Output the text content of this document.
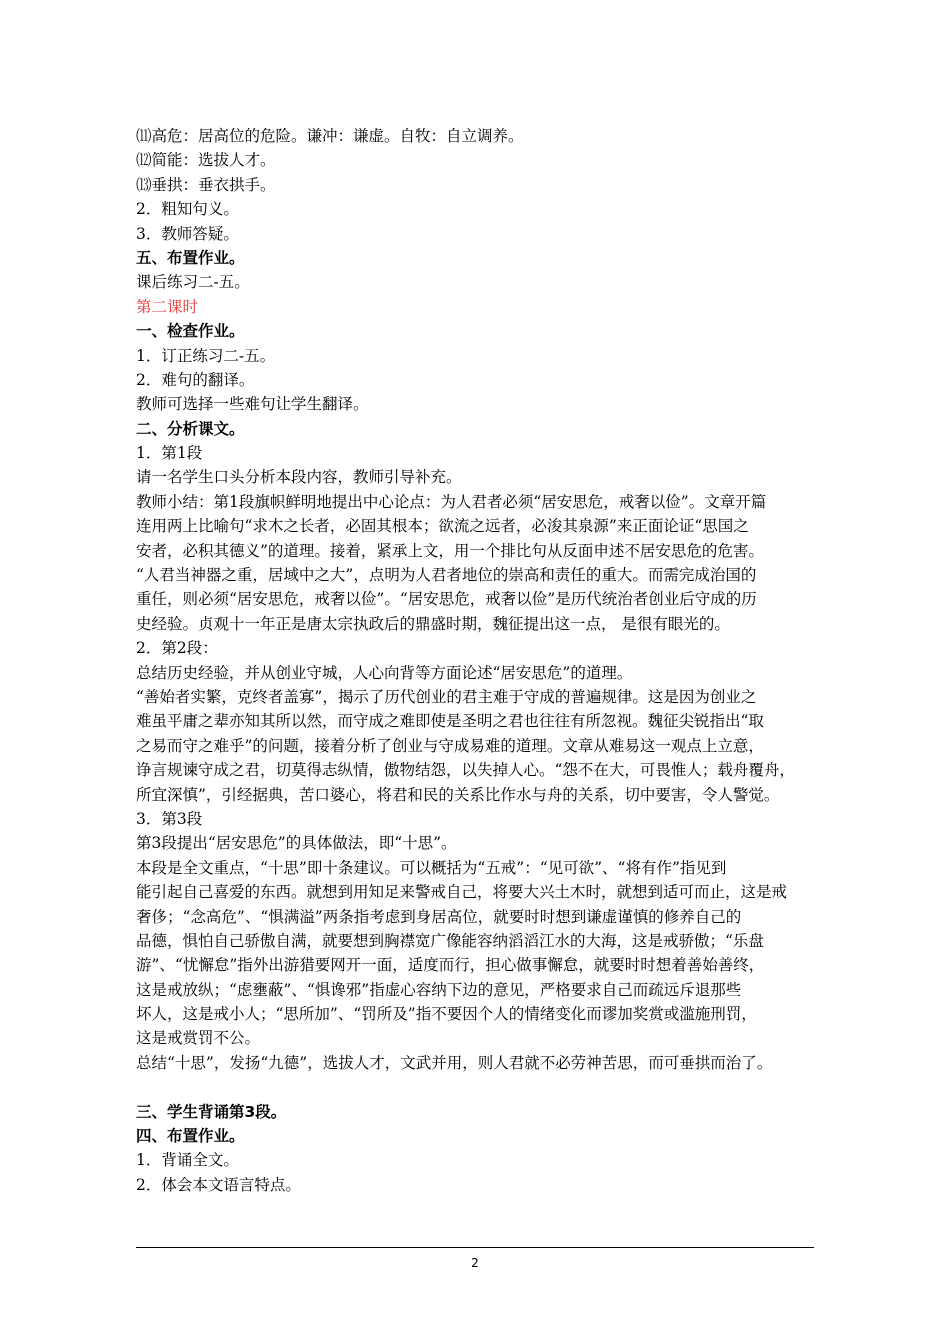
⑾高危：居高位的危险。谦冲：谦虚。自牧：自立调养。
⑿简能：选拔人才。
⒀垂拱：垂衣拱手。
2．粗知句义。
3．教师答疑。
五、布置作业。
课后练习二-五。
第二课时
一、检查作业。
1．订正练习二-五。
2．难句的翻译。
教师可选择一些难句让学生翻译。
二、分析课文。
1．第1段
请一名学生口头分析本段内容，教师引导补充。
教师小结：第1段旗帜鲜明地提出中心论点：为人君者必须“居安思危，戒奢以俭”。文章开篇
连用两上比喻句“求木之长者，必固其根本；欲流之远者，必浚其泉源”来正面论证“思国之
安者，必积其德义”的道理。接着，紧承上文，用一个排比句从反面申述不居安思危的危害。
“人君当神器之重，居域中之大”，点明为人君者地位的崇高和责任的重大。而需完成治国的
重任，则必须“居安思危，戒奢以俭”。“居安思危，戒奢以俭”是历代统治者创业后守成的历
史经验。贞观十一年正是唐太宗执政后的鼎盛时期，魏征提出这一点， 是很有眼光的。
2．第2段：
总结历史经验，并从创业守城，人心向背等方面论述“居安思危”的道理。
“善始者实繁，克终者盖寡”，揭示了历代创业的君主难于守成的普遍规律。这是因为创业之
难虽平庸之辈亦知其所以然，而守成之难即使是圣明之君也往往有所忽视。魏征尖锐指出“取
之易而守之难乎”的问题，接着分析了创业与守成易难的道理。文章从难易这一观点上立意，
诤言规谏守成之君，切莫得志纵情，傲物结怨，以失掉人心。“怨不在大，可畏惟人；载舟覆舟，
所宜深慎”，引经据典，苦口婆心，将君和民的关系比作水与舟的关系，切中要害，令人警觉。
3．第3段
第3段提出“居安思危”的具体做法，即“十思”。
本段是全文重点，“十思”即十条建议。可以概括为“五戒”：“见可欲”、“将有作”指见到
能引起自己喜爱的东西。就想到用知足来警戒自己，将要大兴土木时，就想到适可而止，这是戒
奢侈；“念高危”、“惧满溢”两条指考虑到身居高位，就要时时想到谦虚谨慎的修养自己的
品德，惧怕自己骄傲自满，就要想到胸襟宽广像能容纳滔滔江水的大海，这是戒骄傲；“乐盘
游”、“忧懈怠”指外出游猎要网开一面，适度而行，担心做事懈怠，就要时时想着善始善终，
这是戒放纵；“虑壅蔽”、“惧谗邪”指虚心容纳下边的意见，严格要求自己而疏远斥退那些
坏人，这是戒小人；“思所加”、“罚所及”指不要因个人的情绪变化而谬加奖赏或滥施刑罚，
这是戒赏罚不公。
总结“十思”，发扬“九德”，选拔人才，文武并用，则人君就不必劳神苦思，而可垂拱而治了。
三、学生背诵第3段。
四、布置作业。
1．背诵全文。
2．体会本文语言特点。
2
